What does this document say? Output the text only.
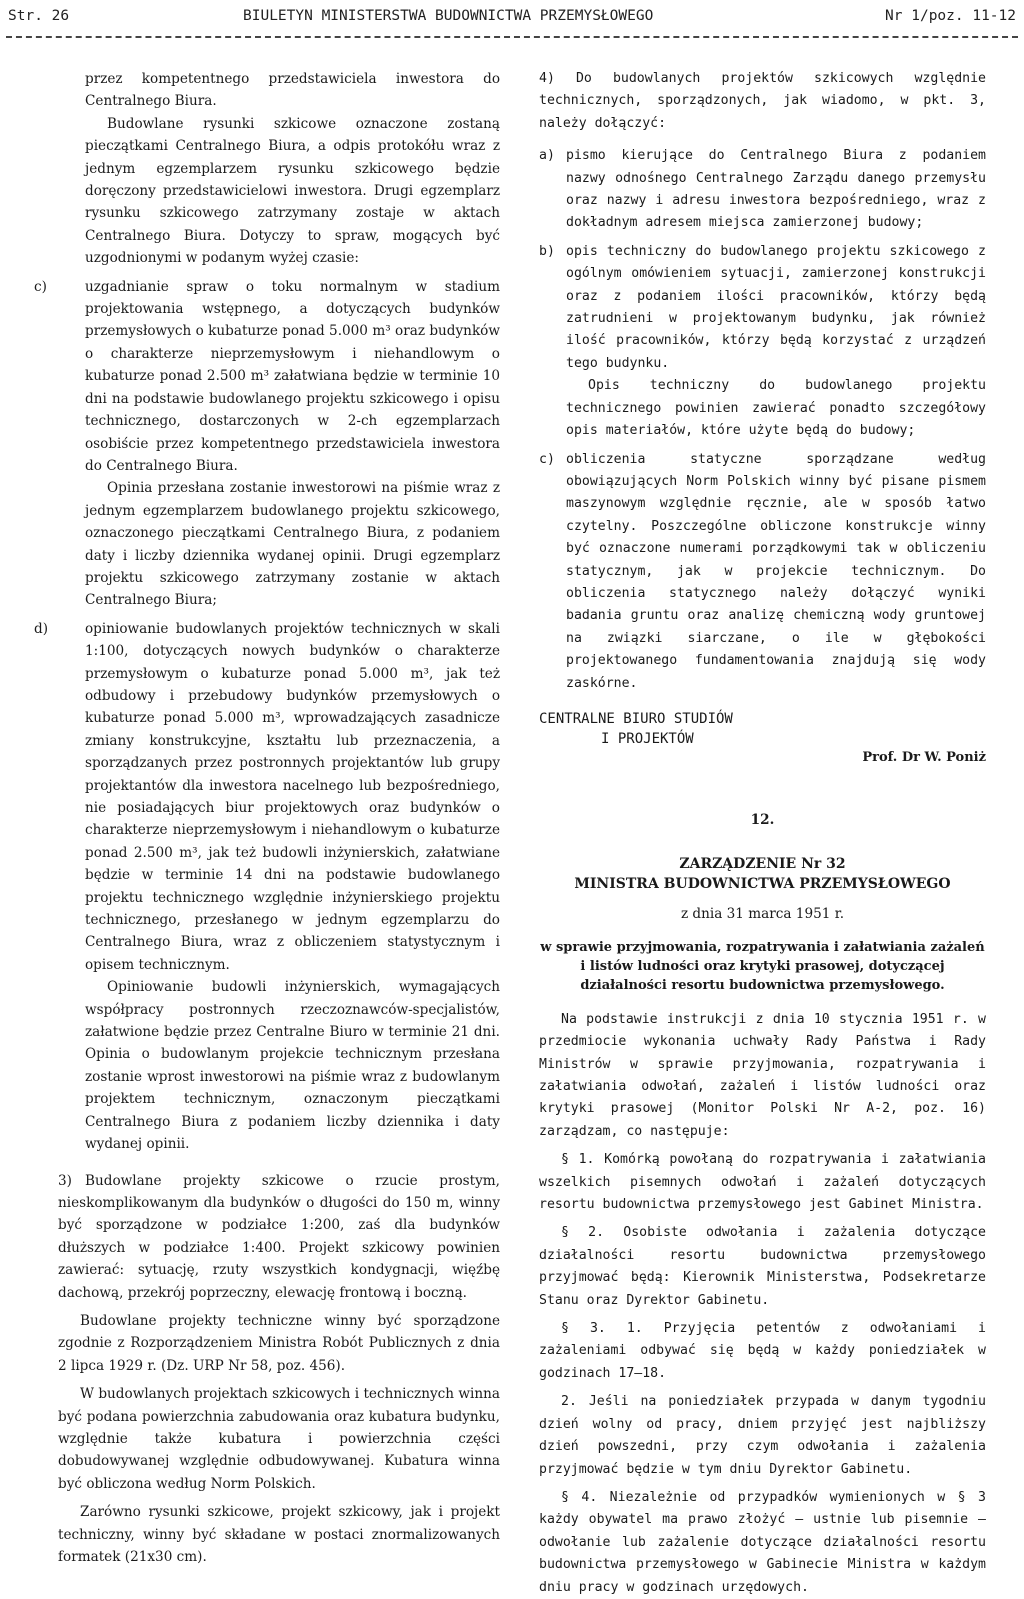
Str. 26	BIULETYN MINISTERSTWA BUDOWNICTWA PRZEMYSŁOWEGO	Nr 1/poz. 11-12

przez kompetentnego przedstawiciela inwestora do Centralnego Biura.

Budowlane rysunki szkicowe oznaczone zostaną pieczątkami Centralnego Biura, a odpis protokółu wraz z jednym egzemplarzem rysunku szkicowego będzie doręczony przedstawicielowi inwestora. Drugi egzemplarz rysunku szkicowego zatrzymany zostaje w aktach Centralnego Biura. Dotyczy to spraw, mogących być uzgodnionymi w podanym wyżej czasie:

c)	uzgadnianie spraw o toku normalnym w stadium projektowania wstępnego, a dotyczących budynków przemysłowych o kubaturze ponad 5.000 m³ oraz budynków o charakterze nieprzemysłowym i niehandlowym o kubaturze ponad 2.500 m³ załatwiana będzie w terminie 10 dni na podstawie budowlanego projektu szkicowego i opisu technicznego, dostarczonych w 2-ch egzemplarzach osobiście przez kompetentnego przedstawiciela inwestora do Centralnego Biura.

Opinia przesłana zostanie inwestorowi na piśmie wraz z jednym egzemplarzem budowlanego projektu szkicowego, oznaczonego pieczątkami Centralnego Biura, z podaniem daty i liczby dziennika wydanej opinii. Drugi egzemplarz projektu szkicowego zatrzymany zostanie w aktach Centralnego Biura;

d)	opiniowanie budowlanych projektów technicznych w skali 1:100, dotyczących nowych budynków o charakterze przemysłowym o kubaturze ponad 5.000 m³, jak też odbudowy i przebudowy budynków przemysłowych o kubaturze ponad 5.000 m³, wprowadzających zasadnicze zmiany konstrukcyjne, kształtu lub przeznaczenia, a sporządzanych przez postronnych projektantów lub grupy projektantów dla inwestora nacelnego lub bezpośredniego, nie posiadających biur projektowych oraz budynków o charakterze nieprzemysłowym i niehandlowym o kubaturze ponad 2.500 m³, jak też budowli inżynierskich, załatwiane będzie w terminie 14 dni na podstawie budowlanego projektu technicznego względnie inżynierskiego projektu technicznego, przesłanego w jednym egzemplarzu do Centralnego Biura, wraz z obliczeniem statystycznym i opisem technicznym.

Opiniowanie budowli inżynierskich, wymagających współpracy postronnych rzeczoznawców-specjalistów, załatwione będzie przez Centralne Biuro w terminie 21 dni. Opinia o budowlanym projekcie technicznym przesłana zostanie wprost inwestorowi na piśmie wraz z budowlanym projektem technicznym, oznaczonym pieczątkami Centralnego Biura z podaniem liczby dziennika i daty wydanej opinii.

3) Budowlane projekty szkicowe o rzucie prostym, nieskomplikowanym dla budynków o długości do 150 m, winny być sporządzone w podziałce 1:200, zaś dla budynków dłuższych w podziałce 1:400. Projekt szkicowy powinien zawierać: sytuację, rzuty wszystkich kondygnacji, więźbę dachową, przekrój poprzeczny, elewację frontową i boczną.

Budowlane projekty techniczne winny być sporządzone zgodnie z Rozporządzeniem Ministra Robót Publicznych z dnia 2 lipca 1929 r. (Dz. URP Nr 58, poz. 456).

W budowlanych projektach szkicowych i technicznych winna być podana powierzchnia zabudowania oraz kubatura budynku, względnie także kubatura i powierzchnia części dobudowywanej względnie odbudowywanej. Kubatura winna być obliczona według Norm Polskich.

Zarówno rysunki szkicowe, projekt szkicowy, jak i projekt techniczny, winny być składane w postaci znormalizowanych formatek (21x30 cm).

4) Do budowlanych projektów szkicowych względnie technicznych, sporządzonych, jak wiadomo, w pkt. 3, należy dołączyć:

a) pismo kierujące do Centralnego Biura z podaniem nazwy odnośnego Centralnego Zarządu danego przemysłu oraz nazwy i adresu inwestora bezpośredniego, wraz z dokładnym adresem miejsca zamierzonej budowy;

b) opis techniczny do budowlanego projektu szkicowego z ogólnym omówieniem sytuacji, zamierzonej konstrukcji oraz z podaniem ilości pracowników, którzy będą zatrudnieni w projektowanym budynku, jak również ilość pracowników, którzy będą korzystać z urządzeń tego budynku.

Opis techniczny do budowlanego projektu technicznego powinien zawierać ponadto szczegółowy opis materiałów, które użyte będą do budowy;

c) obliczenia statyczne sporządzane według obowiązujących Norm Polskich winny być pisane pismem maszynowym względnie ręcznie, ale w sposób łatwo czytelny. Poszczególne obliczone konstrukcje winny być oznaczone numerami porządkowymi tak w obliczeniu statycznym, jak w projekcie technicznym. Do obliczenia statycznego należy dołączyć wyniki badania gruntu oraz analizę chemiczną wody gruntowej na związki siarczane, o ile w głębokości projektowanego fundamentowania znajdują się wody zaskórne.

CENTRALNE BIURO STUDIÓW

I PROJEKTÓW

Prof. Dr W. Poniż

12.

ZARZĄDZENIE Nr 32

MINISTRA BUDOWNICTWA PRZEMYSŁOWEGO

z dnia 31 marca 1951 r.

w sprawie przyjmowania, rozpatrywania i załatwiania zażaleń i listów ludności oraz krytyki prasowej, dotyczącej działalności resortu budownictwa przemysłowego.

Na podstawie instrukcji z dnia 10 stycznia 1951 r. w przedmiocie wykonania uchwały Rady Państwa i Rady Ministrów w sprawie przyjmowania, rozpatrywania i załatwiania odwołań, zażaleń i listów ludności oraz krytyki prasowej (Monitor Polski Nr A-2, poz. 16) zarządzam, co następuje:

§ 1. Komórką powołaną do rozpatrywania i załatwiania wszelkich pisemnych odwołań i zażaleń dotyczących resortu budownictwa przemysłowego jest Gabinet Ministra.

§ 2. Osobiste odwołania i zażalenia dotyczące działalności resortu budownictwa przemysłowego przyjmować będą: Kierownik Ministerstwa, Podsekretarze Stanu oraz Dyrektor Gabinetu.

§ 3. 1. Przyjęcia petentów z odwołaniami i zażaleniami odbywać się będą w każdy poniedziałek w godzinach 17—18.

2. Jeśli na poniedziałek przypada w danym tygodniu dzień wolny od pracy, dniem przyjęć jest najbliższy dzień powszedni, przy czym odwołania i zażalenia przyjmować będzie w tym dniu Dyrektor Gabinetu.

§ 4. Niezależnie od przypadków wymienionych w § 3 każdy obywatel ma prawo złożyć — ustnie lub pisemnie — odwołanie lub zażalenie dotyczące działalności resortu budownictwa przemysłowego w Gabinecie Ministra w każdym dniu pracy w godzinach urzędowych.
